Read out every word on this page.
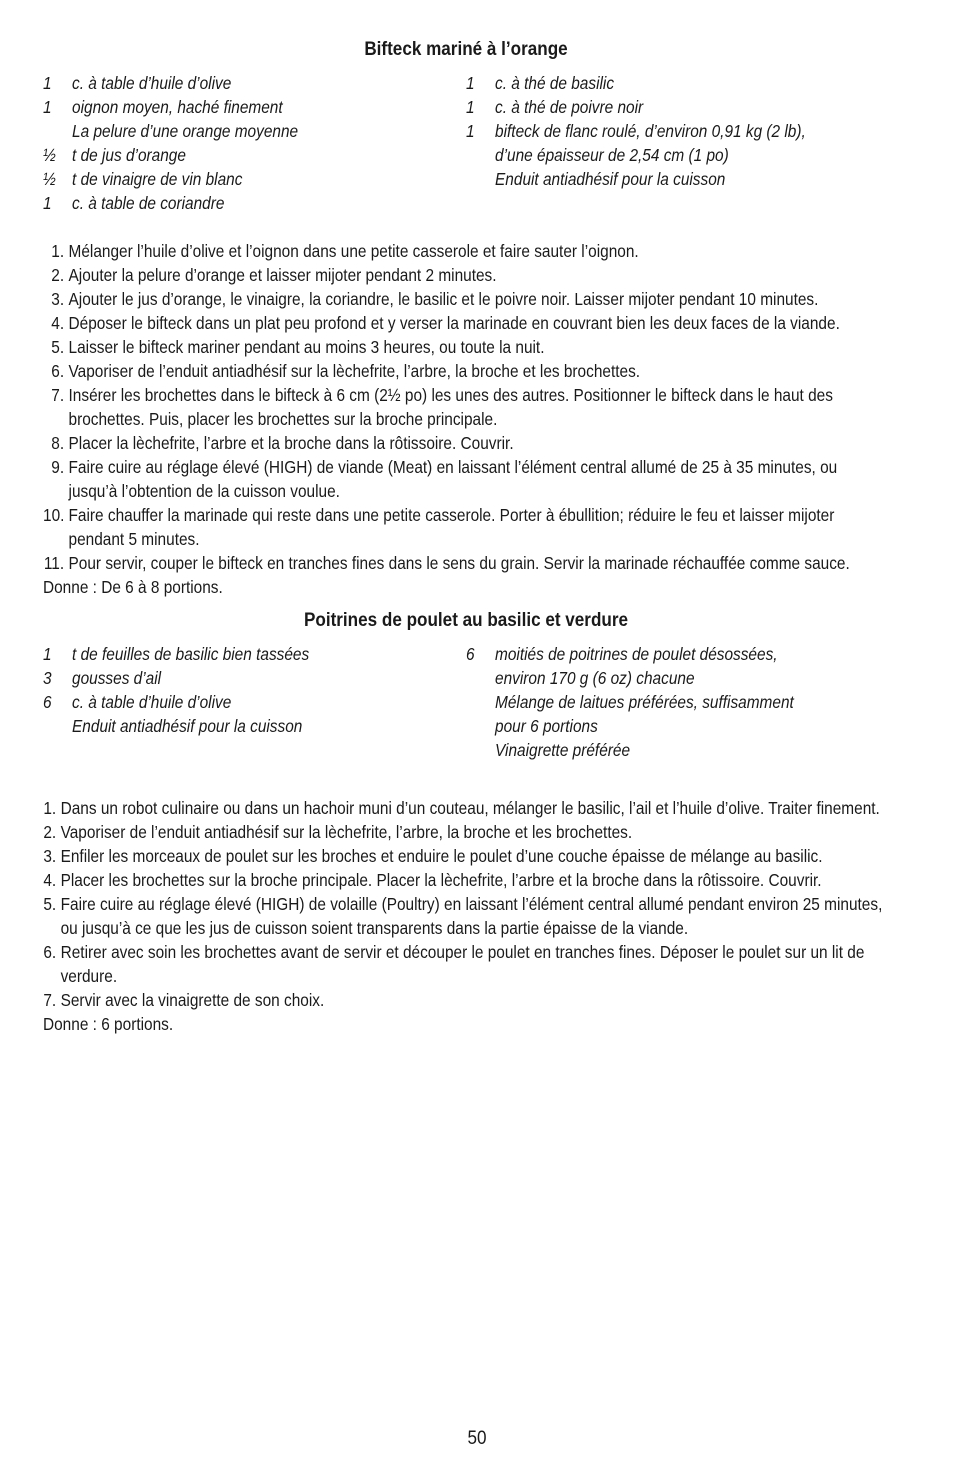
Bifteck mariné à l’orange
1	c. à table d’huile d’olive
1	oignon moyen, haché finement
La pelure d’une orange moyenne
½ t de jus d’orange
½ t de vinaigre de vin blanc
1	c. à table de coriandre
1	c. à thé de basilic
1	c. à thé de poivre noir
1	bifteck de flanc roulé, d’environ 0,91 kg (2 lb),
d’une épaisseur de 2,54 cm (1 po)
Enduit antiadhésif pour la cuisson
1. Mélanger l’huile d’olive et l’oignon dans une petite casserole et faire sauter l’oignon.
2. Ajouter la pelure d’orange et laisser mijoter pendant 2 minutes.
3. Ajouter le jus d’orange, le vinaigre, la coriandre, le basilic et le poivre noir. Laisser mijoter pendant 10 minutes.
4. Déposer le bifteck dans un plat peu profond et y verser la marinade en couvrant bien les deux faces de la viande.
5. Laisser le bifteck mariner pendant au moins 3 heures, ou toute la nuit.
6. Vaporiser de l’enduit antiadhésif sur la lèchefrite, l’arbre, la broche et les brochettes.
7. Insérer les brochettes dans le bifteck à 6 cm (2½ po) les unes des autres. Positionner le bifteck dans le haut des brochettes. Puis, placer les brochettes sur la broche principale.
8. Placer la lèchefrite, l’arbre et la broche dans la rôtissoire. Couvrir.
9. Faire cuire au réglage élevé (HIGH) de viande (Meat) en laissant l’élément central allumé de 25 à 35 minutes, ou jusqu’à l’obtention de la cuisson voulue.
10. Faire chauffer la marinade qui reste dans une petite casserole. Porter à ébullition; réduire le feu et laisser mijoter pendant 5 minutes.
11. Pour servir, couper le bifteck en tranches fines dans le sens du grain. Servir la marinade réchauffée comme sauce.
Donne : De 6 à 8 portions.
Poitrines de poulet au basilic et verdure
1	t de feuilles de basilic bien tassées
3	gousses d’ail
6	c. à table d’huile d’olive
Enduit antiadhésif pour la cuisson
6	moitiés de poitrines de poulet désossées,
environ 170 g (6 oz) chacune
Mélange de laitues préférées, suffisamment
pour 6 portions
Vinaigrette préférée
1. Dans un robot culinaire ou dans un hachoir muni d’un couteau, mélanger le basilic, l’ail et l’huile d’olive. Traiter finement.
2. Vaporiser de l’enduit antiadhésif sur la lèchefrite, l’arbre, la broche et les brochettes.
3. Enfiler les morceaux de poulet sur les broches et enduire le poulet d’une couche épaisse de mélange au basilic.
4. Placer les brochettes sur la broche principale. Placer la lèchefrite, l’arbre et la broche dans la rôtissoire. Couvrir.
5. Faire cuire au réglage élevé (HIGH) de volaille (Poultry) en laissant l’élément central allumé pendant environ 25 minutes, ou jusqu’à ce que les jus de cuisson soient transparents dans la partie épaisse de la viande.
6. Retirer avec soin les brochettes avant de servir et découper le poulet en tranches fines. Déposer le poulet sur un lit de verdure.
7. Servir avec la vinaigrette de son choix.
Donne : 6 portions.
50
